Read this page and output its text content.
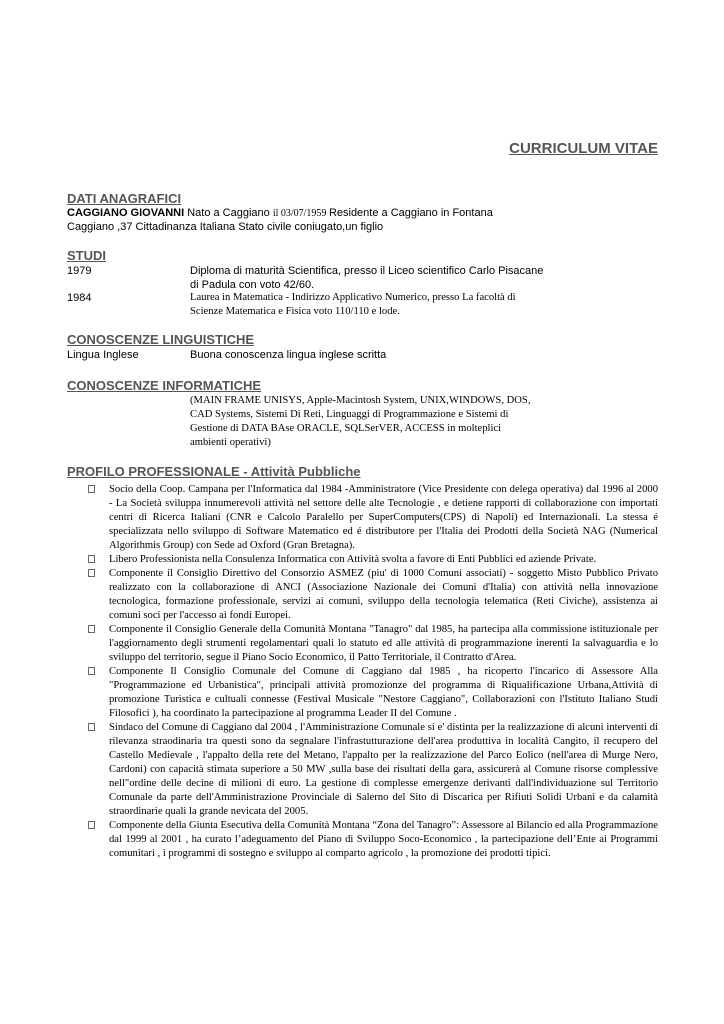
CURRICULUM VITAE
DATI ANAGRAFICI
CAGGIANO GIOVANNI Nato a Caggiano il 03/07/1959 Residente a Caggiano in Fontana
Caggiano ,37 Cittadinanza Italiana Stato civile coniugato,un figlio
STUDI
1979	Diploma di maturità Scientifica, presso il Liceo scientifico Carlo Pisacane
di Padula con voto 42/60.
1984	Laurea in Matematica - Indirizzo Applicativo Numerico, presso La facoltà di
Scienze Matematica e Fisica voto 110/110 e lode.
CONOSCENZE LINGUISTICHE
Lingua Inglese	Buona conoscenza lingua inglese scritta
CONOSCENZE INFORMATICHE
(MAIN FRAME UNISYS, Apple-Macintosh System, UNIX,WINDOWS, DOS,
CAD Systems, Sistemi Di Reti, Linguaggi di Programmazione e Sistemi di
Gestione di DATA BAse ORACLE, SQLSerVER, ACCESS in molteplici
ambienti operativi)
PROFILO PROFESSIONALE - Attività Pubbliche
Socio della Coop. Campana per l'Informatica dal 1984 -Amministratore (Vice Presidente con delega operativa) dal 1996 al 2000 - La Società sviluppa innumerevoli attività nel settore delle alte Tecnologie , e detiene rapporti di collaborazione con importati centri di Ricerca Italiani (CNR e Calcolo Paralello per SuperComputers(CPS) di Napoli) ed Internazionali. La stessa é specializzata nello sviluppo di Software Matematico ed é distributore per l'Italia dei Prodotti della Società NAG (Numerical Algorithmis Group) con Sede ad Oxford (Gran Bretagna).
Libero Professionista nella Consulenza Informatica con Attività svolta a favore di Enti Pubblici ed aziende Private.
Componente il Consiglio Direttivo del Consorzio ASMEZ (piu' di 1000 Comuni associati) - soggetto Misto Pubblico Privato realizzato con la collaborazione di ANCI (Associazione Nazionale dei Comuni d'Italia) con attività nella innovazione tecnologica, formazione professionale, servizi ai comuni, sviluppo della tecnologia telematica (Reti Civiche), assistenza ai comuni soci per l'accesso ai fondi Europei.
Componente il Consiglio Generale della Comunità Montana "Tanagro" dal 1985, ha partecipa alla commissione istituzionale per l'aggiornamento degli strumenti regolamentari quali lo statuto ed alle attività di programmazione inerenti la salvaguardia e lo sviluppo del territorio, segue il Piano Socio Economico, il Patto Territoriale, il Contratto d'Area.
Componente Il Consiglio Comunale del Comune di Caggiano dal 1985 , ha ricoperto l'incarico di Assessore Alla "Programmazione ed Urbanistica", principali attività promozionze del programma di Riqualificazione Urbana,Attività di promozione Turistica e cultuali connesse (Festival Musicale "Nestore Caggiano", Collaborazioni con l'Istituto Italiano Studi Filosofici ), ha coordinato la partecipazione al programma Leader II del Comune .
Sindaco del Comune di Caggiano dal 2004 , l'Amministrazione Comunale si e' distinta per la realizzazione di alcuni interventi di rilevanza straodinaria tra questi sono da segnalare l'infrastutturazione dell'area produttiva in località Cangito, il recupero del Castello Medievale , l'appalto della rete del Metano, l'appalto per la realizzazione del Parco Eolico (nell'area di Murge Nero, Cardoni) con capacità stimata superiore a 50 MW ,sulla base dei risultati della gara, assicurerà al Comune risorse complessive nell"ordine delle decine di milioni di euro. La gestione di complesse emergenze derivanti dall'individuazione sul Territorio Comunale da parte dell'Amministrazione Provinciale di Salerno del Sito di Discarica per Rifiuti Solidi Urbani e da calamità straordinarie quali la grande nevicata del 2005.
Componente della Giunta Esecutiva della Comunità Montana “Zona del Tanagro”: Assessore al Bilancio ed alla Programmazione dal 1999 al 2001 , ha curato l’adeguamento del Piano di Sviluppo Soco-Economico , la partecipazione dell’Ente ai Programmi comunitari , i programmi di sostegno e sviluppo al comparto agricolo , la promozione dei prodotti tipici.
